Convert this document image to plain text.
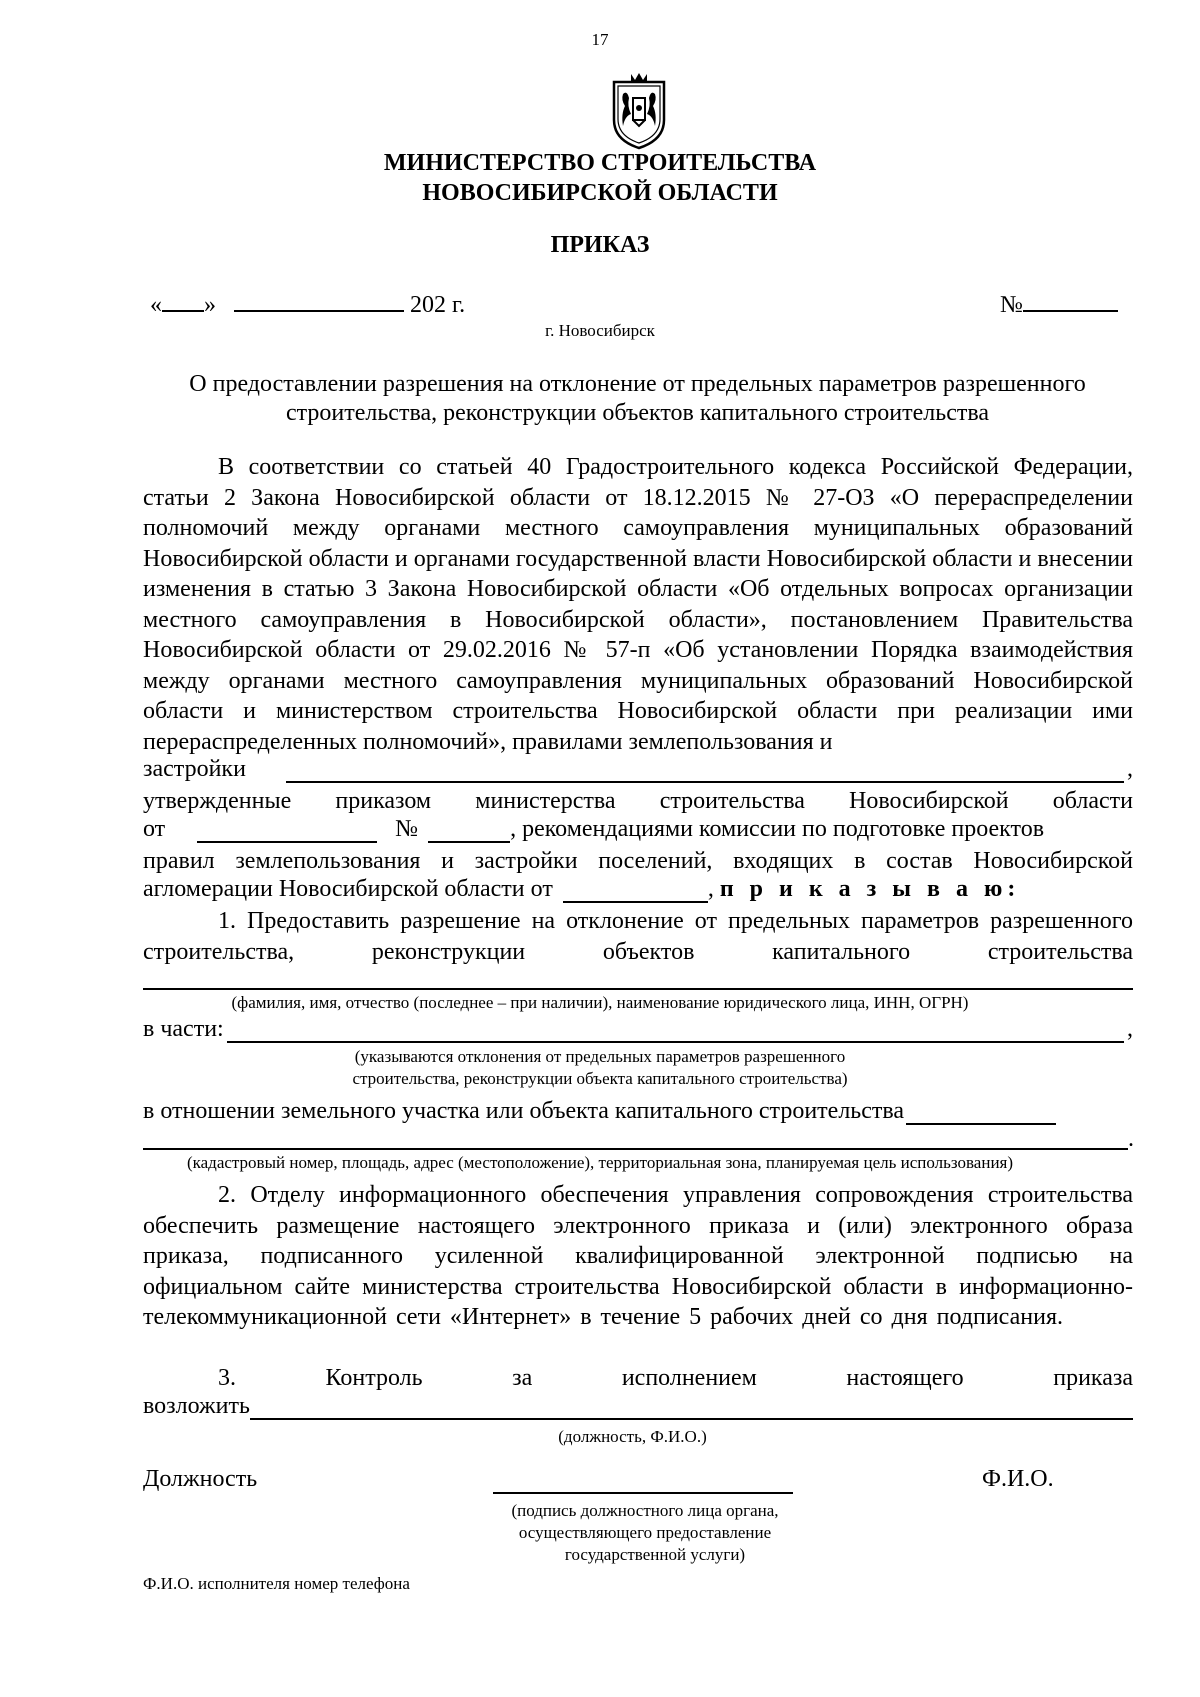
17
МИНИСТЕРСТВО СТРОИТЕЛЬСТВА
НОВОСИБИРСКОЙ ОБЛАСТИ
ПРИКАЗ
« »	202 г.	№
г. Новосибирск
О предоставлении разрешения на отклонение от предельных параметров разрешенного строительства, реконструкции объектов капитального строительства
В соответствии со статьей 40 Градостроительного кодекса Российской Федерации, статьи 2 Закона Новосибирской области от 18.12.2015 № 27-ОЗ «О перераспределении полномочий между органами местного самоуправления муниципальных образований Новосибирской области и органами государственной власти Новосибирской области и внесении изменения в статью 3 Закона Новосибирской области «Об отдельных вопросах организации местного самоуправления в Новосибирской области», постановлением Правительства Новосибирской области от 29.02.2016 № 57-п «Об установлении Порядка взаимодействия между органами местного самоуправления муниципальных образований Новосибирской области и министерством строительства Новосибирской области при реализации ими перераспределенных полномочий», правилами землепользования и
застройки	,
утвержденные приказом министерства строительства Новосибирской области
от	№	, рекомендациями комиссии по подготовке проектов
правил землепользования и застройки поселений, входящих в состав Новосибирской
агломерации Новосибирской области от	, п р и к а з ы в а ю:
1. Предоставить разрешение на отклонение от предельных параметров разрешенного строительства, реконструкции объектов капитального строительства
(фамилия, имя, отчество (последнее – при наличии), наименование юридического лица, ИНН, ОГРН)
в части:	,
(указываются отклонения от предельных параметров разрешенного
строительства, реконструкции объекта капитального строительства)
в отношении земельного участка или объекта капитального строительства
.
(кадастровый номер, площадь, адрес (местоположение), территориальная зона, планируемая цель использования)
2. Отделу информационного обеспечения управления сопровождения строительства обеспечить размещение настоящего электронного приказа и (или) электронного образа приказа, подписанного усиленной квалифицированной электронной подписью на официальном сайте министерства строительства Новосибирской области в информационно-телекоммуникационной сети «Интернет» в течение 5 рабочих дней со дня подписания.
3. Контроль за исполнением настоящего приказа
возложить
(должность, Ф.И.О.)
Должность	Ф.И.О.
(подпись должностного лица органа,
осуществляющего предоставление
государственной услуги)
Ф.И.О. исполнителя номер телефона
